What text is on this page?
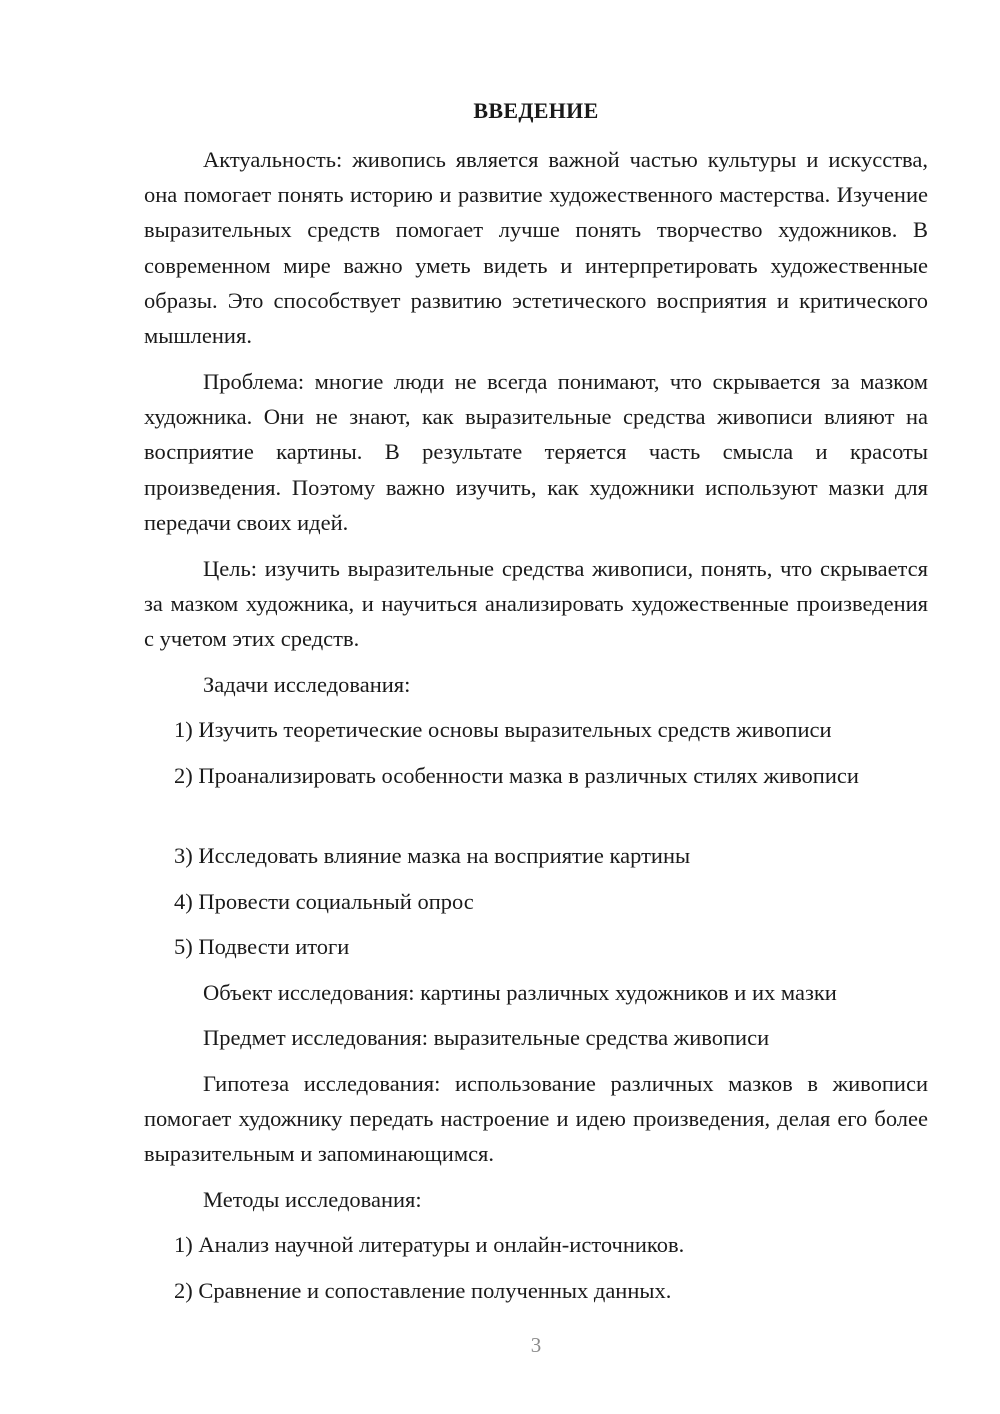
ВВЕДЕНИЕ

Актуальность: живопись является важной частью культуры и искусства, она помогает понять историю и развитие художественного мастерства. Изучение выразительных средств помогает лучше понять творчество художников. В современном мире важно уметь видеть и интерпретировать художественные образы. Это способствует развитию эстетического восприятия и критического мышления.

Проблема: многие люди не всегда понимают, что скрывается за мазком художника. Они не знают, как выразительные средства живописи влияют на восприятие картины. В результате теряется часть смысла и красоты произведения. Поэтому важно изучить, как художники используют мазки для передачи своих идей.

Цель: изучить выразительные средства живописи, понять, что скрывается за мазком художника, и научиться анализировать художественные произведения с учетом этих средств.

Задачи исследования:

1) Изучить теоретические основы выразительных средств живописи

2) Проанализировать особенности мазка в различных стилях живописи

3) Исследовать влияние мазка на восприятие картины

4) Провести социальный опрос

5) Подвести итоги

Объект исследования: картины различных художников и их мазки

Предмет исследования: выразительные средства живописи

Гипотеза исследования: использование различных мазков в живописи помогает художнику передать настроение и идею произведения, делая его более выразительным и запоминающимся.

Методы исследования:

1) Анализ научной литературы и онлайн-источников.

2) Сравнение и сопоставление полученных данных.

3
